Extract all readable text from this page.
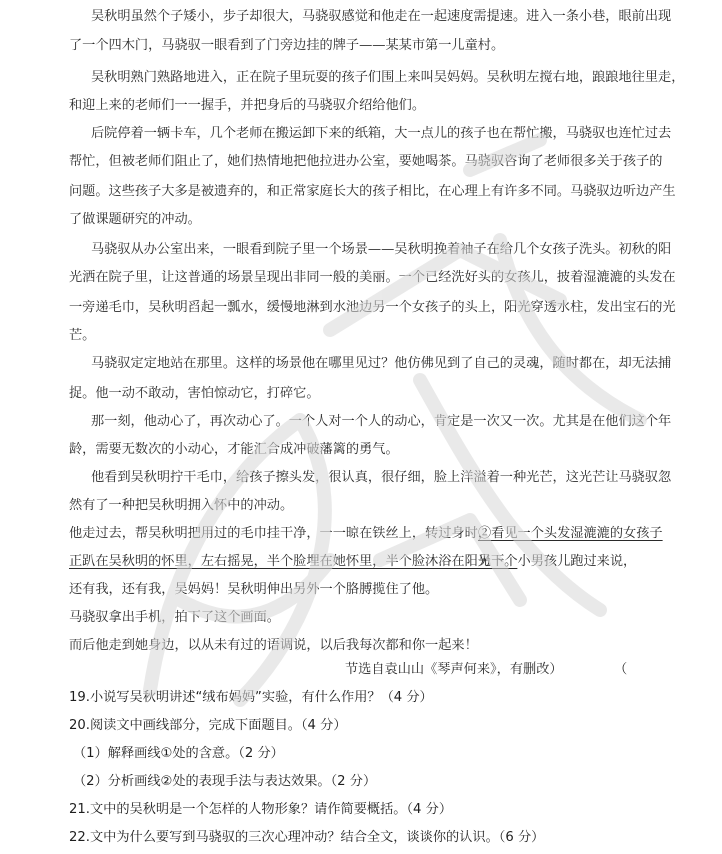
吴秋明虽然个子矮小，步子却很大，马骁驭感觉和他走在一起速度需提速。进入一条小巷，眼前出现
了一个四木门，马骁驭一眼看到了门旁边挂的牌子——某某市第一儿童村。
吴秋明熟门熟路地进入，正在院子里玩耍的孩子们围上来叫吴妈妈。吴秋明左搅右地，踉踉地往里走，
和迎上来的老师们一一握手，并把身后的马骁驭介绍给他们。
后院停着一辆卡车，几个老师在搬运卸下来的纸箱，大一点儿的孩子也在帮忙搬，马骁驭也连忙过去
帮忙，但被老师们阻止了，她们热情地把他拉进办公室，要她喝茶。马骁驭咨询了老师很多关于孩子的
问题。这些孩子大多是被遗弃的，和正常家庭长大的孩子相比，在心理上有许多不同。马骁驭边听边产生
了做课题研究的冲动。
马骁驭从办公室出来，一眼看到院子里一个场景——吴秋明挽着袖子在给几个女孩子洗头。初秋的阳
光洒在院子里，让这普通的场景呈现出非同一般的美丽。一个已经洗好头的女孩儿，披着湿漉漉的头发在
一旁递毛巾，吴秋明舀起一瓢水，缓慢地淋到水池边另一个女孩子的头上，阳光穿透水柱，发出宝石的光
芒。
马骁驭定定地站在那里。这样的场景他在哪里见过？他仿佛见到了自己的灵魂，随时都在，却无法捕
捉。他一动不敢动，害怕惊动它，打碎它。
那一刻，他动心了，再次动心了。一个人对一个人的动心，肯定是一次又一次。尤其是在他们这个年
龄，需要无数次的小动心，才能汇合成冲破藩篱的勇气。
他看到吴秋明拧干毛巾，给孩子擦头发，很认真，很仔细，脸上洋溢着一种光芒，这光芒让马骁驭忽
然有了一种把吴秋明拥入怀中的冲动。
他走过去，帮吴秋明把用过的毛巾挂干净，一一晾在铁丝上，转过身时，
另一个小男孩儿跑过来说，
还有我，还有我，吴妈妈！吴秋明伸出另外一个胳膊揽住了他。
马骁驭拿出手机，拍下了这个画面。
而后他走到她身边，以从未有过的语调说，以后我每次都和你一起来！
②看见一个头发湿漉漉的女孩子
正趴在吴秋明的怀里，左右摇晃，半个脸埋在她怀里，半个脸沐浴在阳光下。
节选自袁山山《琴声何来》，有删改）	（
19.小说写吴秋明讲述“绒布妈妈”实验，有什么作用？（4 分）
20.阅读文中画线部分，完成下面题目。（4 分）
（1）解释画线①处的含意。（2 分）
（2）分析画线②处的表现手法与表达效果。（2 分）
21.文中的吴秋明是一个怎样的人物形象？请作简要概括。（4 分）
22.文中为什么要写到马骁驭的三次心理冲动？结合全文，谈谈你的认识。（6 分）
